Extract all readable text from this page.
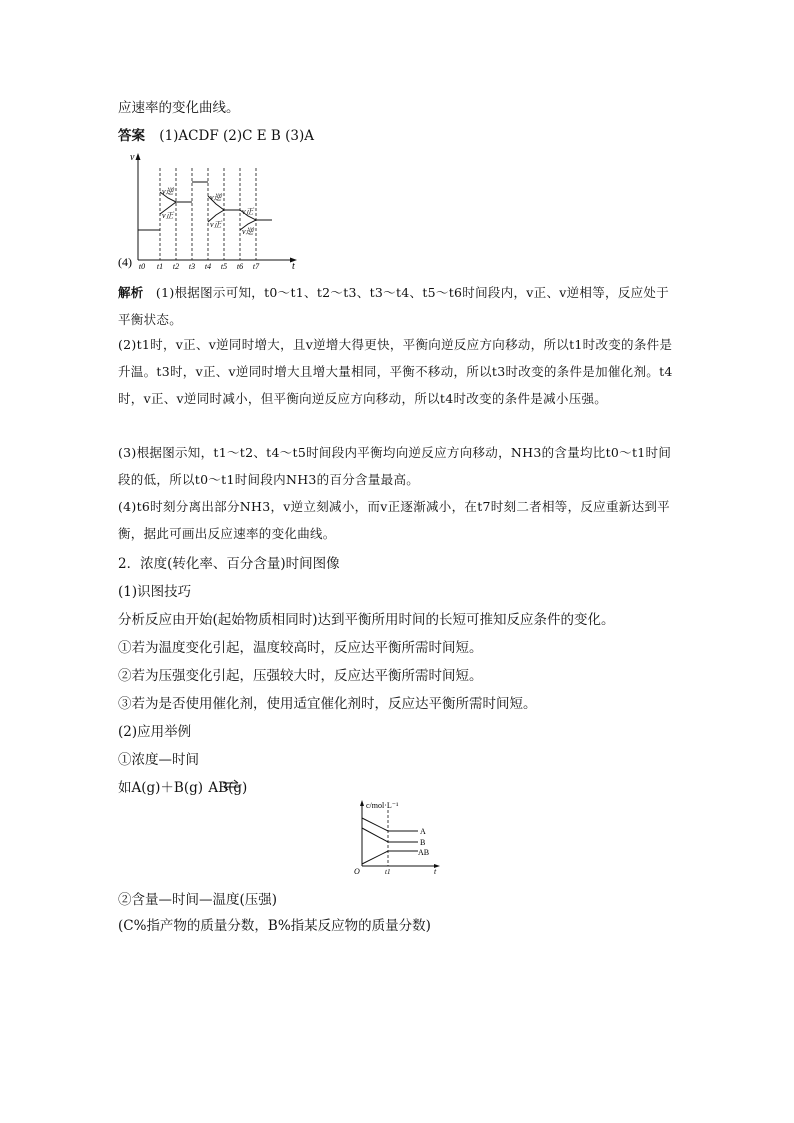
应速率的变化曲线。
答案 (1)ACDF (2)C E B (3)A
(4)
v
t
v逆
v正
v逆
v正
v正
v逆
t0 t1 t2 t3 t4 t5 t6 t7
解析 (1)根据图示可知，t0～t1、t2～t3、t3～t4、t5～t6时间段内，v正、v逆相等，反应处于平衡状态。
(2)t1时，v正、v逆同时增大，且v逆增大得更快，平衡向逆反应方向移动，所以t1时改变的条件是升温。t3时，v正、v逆同时增大且增大量相同，平衡不移动，所以t3时改变的条件是加催化剂。t4时，v正、v逆同时减小，但平衡向逆反应方向移动，所以t4时改变的条件是减小压强。
(3)根据图示知，t1～t2、t4～t5时间段内平衡均向逆反应方向移动，NH3的含量均比t0～t1时间段的低，所以t0～t1时间段内NH3的百分含量最高。
(4)t6时刻分离出部分NH3，v逆立刻减小，而v正逐渐减小，在t7时刻二者相等，反应重新达到平衡，据此可画出反应速率的变化曲线。
2．浓度(转化率、百分含量)时间图像
(1)识图技巧
分析反应由开始(起始物质相同时)达到平衡所用时间的长短可推知反应条件的变化。
①若为温度变化引起，温度较高时，反应达平衡所需时间短。
②若为压强变化引起，压强较大时，反应达平衡所需时间短。
③若为是否使用催化剂，使用适宜催化剂时，反应达平衡所需时间短。
(2)应用举例
①浓度—时间
如A(g)＋B(g)  AB(g)
c/mol·L⁻¹
O	t
t1
A
B
AB
②含量—时间—温度(压强)
(C%指产物的质量分数，B%指某反应物的质量分数)
